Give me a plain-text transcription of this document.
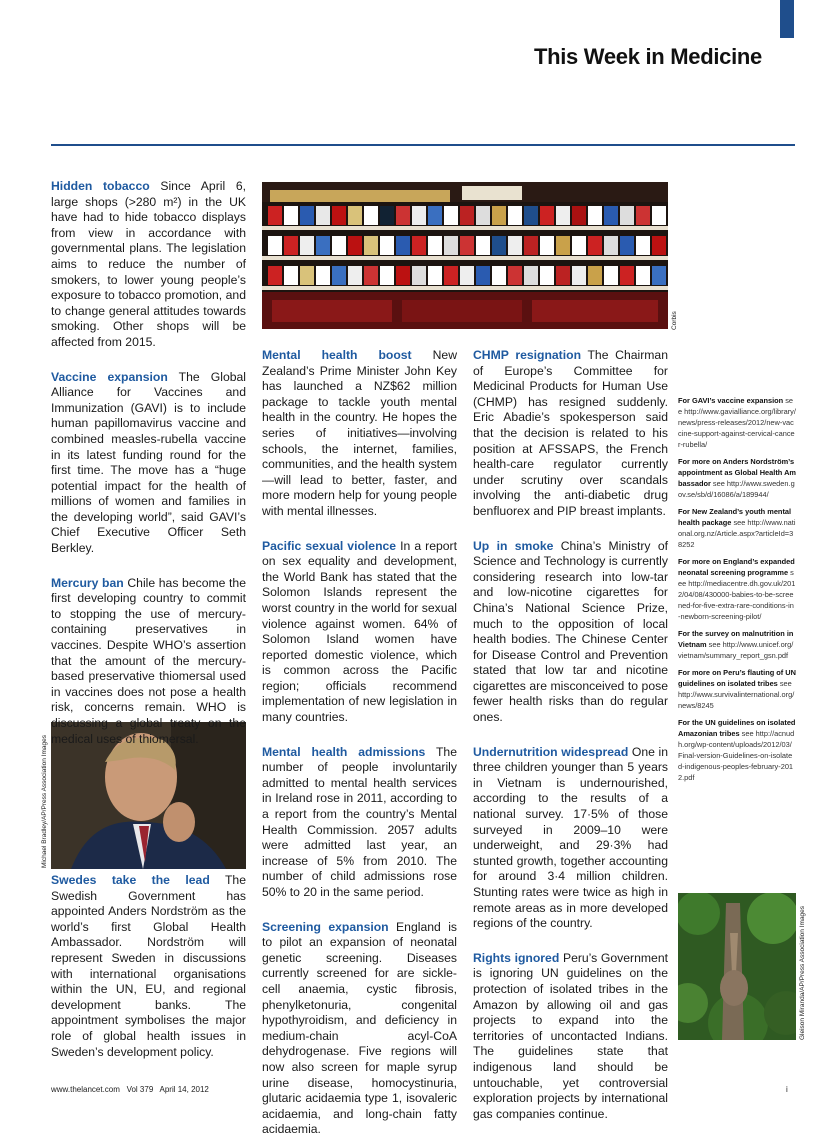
This Week in Medicine
Corbis
Michael Bradley/AP/Press Association Images
Gleison Miranda/AP/Press Association Images

Hidden tobacco Since April 6, large shops (>280 m²) in the UK have had to hide tobacco displays from view in accordance with governmental plans. The legislation aims to reduce the number of smokers, to lower young people’s exposure to tobacco promotion, and to change general attitudes towards smoking. Other shops will be affected from 2015.

Vaccine expansion The Global Alliance for Vaccines and Immunization (GAVI) is to include human papillomavirus vaccine and combined measles-rubella vaccine in its latest funding round for the first time. The move has a “huge potential impact for the health of millions of women and families in the developing world”, said GAVI’s Chief Executive Officer Seth Berkley.

Mercury ban Chile has become the first developing country to commit to stopping the use of mercury-containing preservatives in vaccines. Despite WHO’s assertion that the amount of the mercury-based preservative thiomersal used in vaccines does not pose a health risk, concerns remain. WHO is discussing a global treaty on the medical uses of thiomersal.

Swedes take the lead The Swedish Government has appointed Anders Nordström as the world’s first Global Health Ambassador. Nordström will represent Sweden in discussions with international organisations within the UN, EU, and regional development banks. The appointment symbolises the major role of global health issues in Sweden’s development policy.

Mental health boost New Zealand’s Prime Minister John Key has launched a NZ$62 million package to tackle youth mental health in the country. He hopes the series of initiatives—involving schools, the internet, families, communities, and the health system—will lead to better, faster, and more modern help for young people with mental illnesses.

Pacific sexual violence In a report on sex equality and development, the World Bank has stated that the Solomon Islands represent the worst country in the world for sexual violence against women. 64% of Solomon Island women have reported domestic violence, which is common across the Pacific region; officials recommend implementation of new legislation in many countries.

Mental health admissions The number of people involuntarily admitted to mental health services in Ireland rose in 2011, according to a report from the country’s Mental Health Commission. 2057 adults were admitted last year, an increase of 5% from 2010. The number of child admissions rose 50% to 20 in the same period.

Screening expansion England is to pilot an expansion of neonatal genetic screening. Diseases currently screened for are sickle-cell anaemia, cystic fibrosis, phenylketonuria, congenital hypothyroidism, and deficiency in medium-chain acyl-CoA dehydrogenase. Five regions will now also screen for maple syrup urine disease, homocystinuria, glutaric acidaemia type 1, isovaleric acidaemia, and long-chain fatty acidaemia.

CHMP resignation The Chairman of Europe’s Committee for Medicinal Products for Human Use (CHMP) has resigned suddenly. Eric Abadie’s spokesperson said that the decision is related to his position at AFSSAPS, the French health-care regulator currently under scrutiny over scandals involving the anti-diabetic drug benfluorex and PIP breast implants.

Up in smoke China’s Ministry of Science and Technology is currently considering research into low-tar and low-nicotine cigarettes for China’s National Science Prize, much to the opposition of local health bodies. The Chinese Center for Disease Control and Prevention stated that low tar and nicotine cigarettes are misconceived to pose fewer health risks than do regular ones.

Undernutrition widespread One in three children younger than 5 years in Vietnam is undernourished, according to the results of a national survey. 17·5% of those surveyed in 2009–10 were underweight, and 29·3% had stunted growth, together accounting for around 3·4 million children. Stunting rates were twice as high in remote areas as in more developed regions of the country.

Rights ignored Peru’s Government is ignoring UN guidelines on the protection of isolated tribes in the Amazon by allowing oil and gas projects to expand into the territories of uncontacted Indians. The guidelines state that indigenous land should be untouchable, yet controversial exploration projects by international gas companies continue.

For GAVI’s vaccine expansion see http://www.gavialliance.org/library/news/press-releases/2012/new-vaccine-support-against-cervical-cancer-rubella/

For more on Anders Nordström’s appointment as Global Health Ambassador see http://www.sweden.gov.se/sb/d/16086/a/189944/

For New Zealand’s youth mental health package see http://www.national.org.nz/Article.aspx?articleId=38252

For more on England’s expanded neonatal screening programme see http://mediacentre.dh.gov.uk/2012/04/08/430000-babies-to-be-screened-for-five-extra-rare-conditions-in-newborn-screening-pilot/

For the survey on malnutrition in Vietnam see http://www.unicef.org/vietnam/summary_report_gsn.pdf

For more on Peru’s flauting of UN guidelines on isolated tribes see http://www.survivalinternational.org/news/8245

For the UN guidelines on isolated Amazonian tribes see http://acnudh.org/wp-content/uploads/2012/03/Final-version-Guidelines-on-isolated-indigenous-peoples-february-2012.pdf

www.thelancet.com   Vol 379   April 14, 2012	i
